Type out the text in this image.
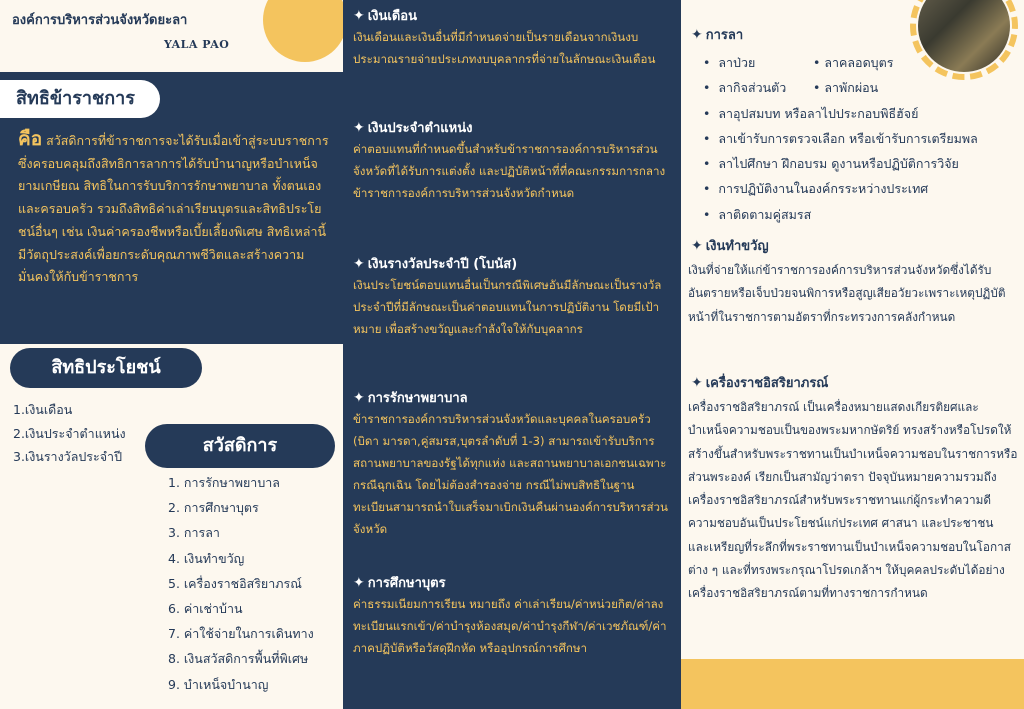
องค์การบริหารส่วนจังหวัดยะลา
YALA PAO
สิทธิข้าราชการ
คือ สวัสดิการที่ข้าราชการจะได้รับเมื่อเข้าสู่ระบบราชการซึ่งครอบคลุมถึงสิทธิการลาการได้รับบำนาญหรือบำเหน็จยามเกษียณ สิทธิในการรับบริการรักษาพยาบาล ทั้งตนเองและครอบครัว รวมถึงสิทธิค่าเล่าเรียนบุตรและสิทธิประโยชน์อื่นๆ เช่น เงินค่าครองชีพหรือเบี้ยเลี้ยงพิเศษ สิทธิเหล่านี้มีวัตถุประสงค์เพื่อยกระดับคุณภาพชีวิตและสร้างความมั่นคงให้กับข้าราชการ
สิทธิประโยชน์
1.เงินเดือน
2.เงินประจำตำแหน่ง
3.เงินรางวัลประจำปี
สวัสดิการ
1. การรักษาพยาบาล
2. การศึกษาบุตร
3. การลา
4. เงินทำขวัญ
5. เครื่องราชอิสริยาภรณ์
6. ค่าเช่าบ้าน
7. ค่าใช้จ่ายในการเดินทาง
8. เงินสวัสดิการพื้นที่พิเศษ
9. บำเหน็จบำนาญ
✦ เงินเดือน
เงินเดือนและเงินอื่นที่มีกำหนดจ่ายเป็นรายเดือนจากเงินงบประมาณรายจ่ายประเภทงบบุคลากรที่จ่ายในลักษณะเงินเดือน
✦ เงินประจำตำแหน่ง
ค่าตอบแทนที่กำหนดขึ้นสำหรับข้าราชการองค์การบริหารส่วนจังหวัดที่ได้รับการแต่งตั้ง และปฏิบัติหน้าที่ที่คณะกรรมการกลางข้าราชการองค์การบริหารส่วนจังหวัดกำหนด
✦ เงินรางวัลประจำปี (โบนัส)
เงินประโยชน์ตอบแทนอื่นเป็นกรณีพิเศษอันมีลักษณะเป็นรางวัลประจำปีที่มีลักษณะเป็นค่าตอบแทนในการปฏิบัติงาน โดยมีเป้าหมาย เพื่อสร้างขวัญและกำลังใจให้กับบุคลากร
✦ การรักษาพยาบาล
ข้าราชการองค์การบริหารส่วนจังหวัดและบุคคลในครอบครัว (บิดา มารดา,คู่สมรส,บุตรลำดับที่ 1-3) สามารถเข้ารับบริการสถานพยาบาลของรัฐได้ทุกแห่ง และสถานพยาบาลเอกชนเฉพาะกรณีฉุกเฉิน โดยไม่ต้องสำรองจ่าย กรณีไม่พบสิทธิในฐานทะเบียนสามารถนำใบเสร็จมาเบิกเงินคืนผ่านองค์การบริหารส่วนจังหวัด
✦ การศึกษาบุตร
ค่าธรรมเนียมการเรียน หมายถึง ค่าเล่าเรียน/ค่าหน่วยกิต/ค่าลงทะเบียนแรกเข้า/ค่าบำรุงห้องสมุด/ค่าบำรุงกีฬา/ค่าเวชภัณฑ์/ค่าภาคปฏิบัติหรือวัสดุฝึกหัด หรืออุปกรณ์การศึกษา
✦ การลา
• ลาป่วย	• ลาคลอดบุตร
• ลากิจส่วนตัว • ลาพักผ่อน
• ลาอุปสมบท หรือลาไปประกอบพิธีฮัจย์
• ลาเข้ารับการตรวจเลือก หรือเข้ารับการเตรียมพล
• ลาไปศึกษา ฝึกอบรม ดูงานหรือปฏิบัติการวิจัย
• การปฏิบัติงานในองค์กรระหว่างประเทศ
• ลาติดตามคู่สมรส
✦ เงินทำขวัญ
เงินที่จ่ายให้แก่ข้าราชการองค์การบริหารส่วนจังหวัดซึ่งได้รับอันตรายหรือเจ็บป่วยจนพิการหรือสูญเสียอวัยวะเพราะเหตุปฏิบัติหน้าที่ในราชการตามอัตราที่กระทรวงการคลังกำหนด
✦ เครื่องราชอิสริยาภรณ์
เครื่องราชอิสริยาภรณ์ เป็นเครื่องหมายแสดงเกียรติยศและบำเหน็จความชอบเป็นของพระมหากษัตริย์ ทรงสร้างหรือโปรดให้สร้างขึ้นสำหรับพระราชทานเป็นบำเหน็จความชอบในราชการหรือส่วนพระองค์ เรียกเป็นสามัญว่าตรา ปัจจุบันหมายความรวมถึงเครื่องราชอิสริยาภรณ์สำหรับพระราชทานแก่ผู้กระทำความดีความชอบอันเป็นประโยชน์แก่ประเทศ ศาสนา และประชาชน และเหรียญที่ระลึกที่พระราชทานเป็นบำเหน็จความชอบในโอกาสต่าง ๆ และที่ทรงพระกรุณาโปรดเกล้าฯ ให้บุคคลประดับได้อย่างเครื่องราชอิสริยาภรณ์ตามที่ทางราชการกำหนด
